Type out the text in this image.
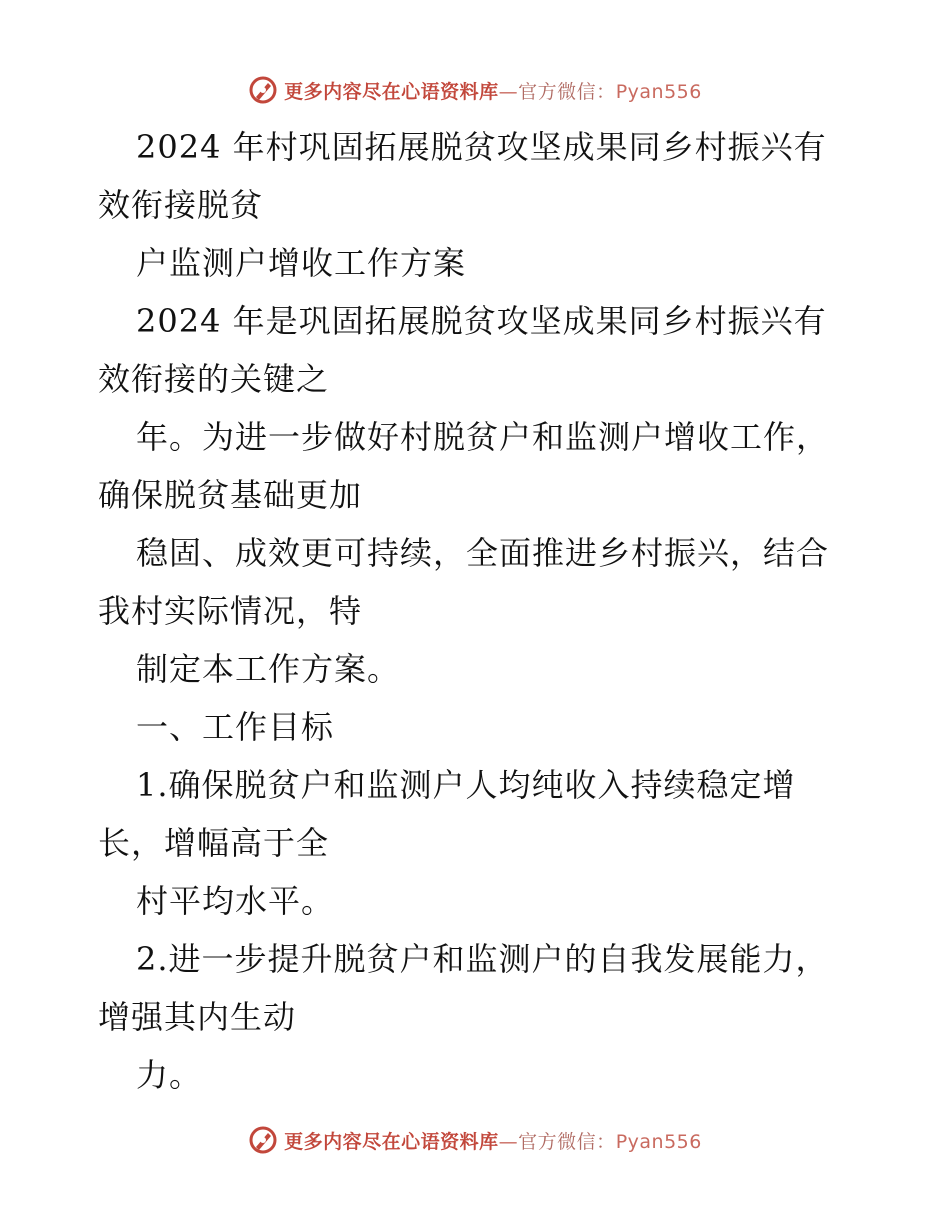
更多内容尽在心语资料库—官方微信：Pyan556
2024 年村巩固拓展脱贫攻坚成果同乡村振兴有
效衔接脱贫
户监测户增收工作方案
2024 年是巩固拓展脱贫攻坚成果同乡村振兴有
效衔接的关键之
年。为进一步做好村脱贫户和监测户增收工作，
确保脱贫基础更加
稳固、成效更可持续，全面推进乡村振兴，结合
我村实际情况，特
制定本工作方案。
一、工作目标
1.确保脱贫户和监测户人均纯收入持续稳定增
长，增幅高于全
村平均水平。
2.进一步提升脱贫户和监测户的自我发展能力，
增强其内生动
力。
更多内容尽在心语资料库—官方微信：Pyan556
